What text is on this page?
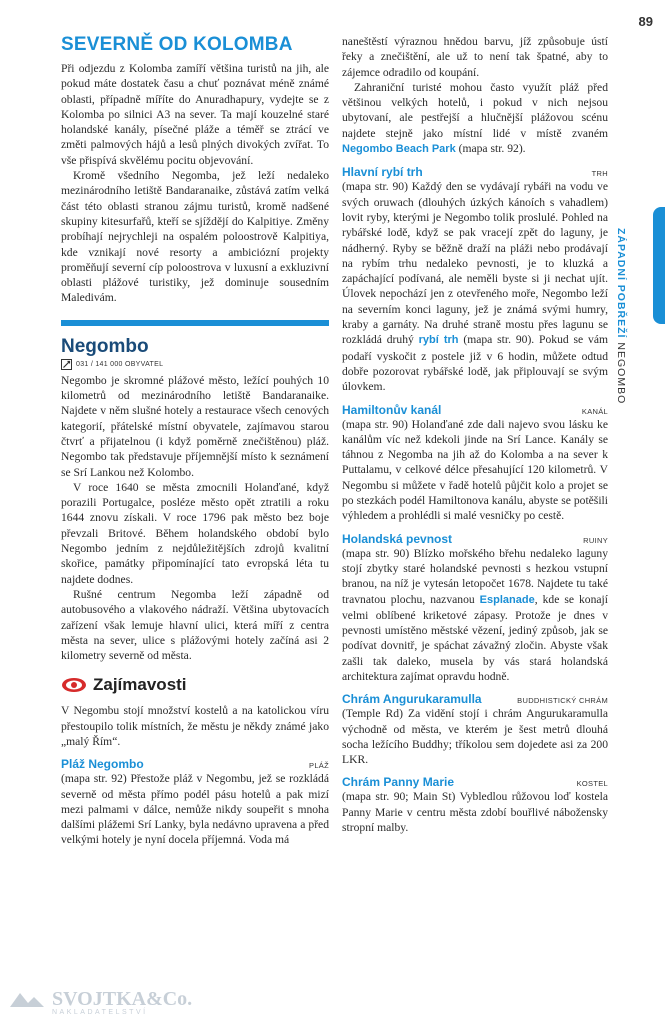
89
ZÁPADNÍ POBŘEŽÍ NEGOMBO
SEVERNĚ OD KOLOMBA

Při odjezdu z Kolomba zamíří většina turistů na jih, ale pokud máte dostatek času a chuť poznávat méně známé oblasti, případně míříte do Anuradhapury, vydejte se z Kolomba po silnici A3 na sever. Ta mají kouzelné staré holandské kanály, písečné pláže a téměř se ztrácí ve změti palmových hájů a lesů plných divokých zvířat. To vše přispívá skvělému pocitu objevování.

Kromě všedního Negomba, jež leží nedaleko mezinárodního letiště Bandaranaike, zůstává zatím velká část této oblasti stranou zájmu turistů, kromě nadšené skupiny kitesurfařů, kteří se sjíždějí do Kalpitiye. Změny probíhají nejrychleji na ospalém poloostrově Kalpitiya, kde vznikají nové resorty a ambiciózní projekty proměňují severní cíp poloostrova v luxusní a exkluzivní oblasti plážové turistiky, jež dominuje sousedním Maledivám.

Negombo
031 / 141 000 OBYVATEL

Negombo je skromné plážové město, ležící pouhých 10 kilometrů od mezinárodního letiště Bandaranaike. Najdete v něm slušné hotely a restaurace všech cenových kategorií, přátelské místní obyvatele, zajímavou starou čtvrť a přijatelnou (i když poměrně znečištěnou) pláž. Negombo tak představuje příjemnější místo k seznámení se Srí Lankou než Kolombo.

V roce 1640 se města zmocnili Holanďané, když porazili Portugalce, posléze město opět ztratili a roku 1644 znovu získali. V roce 1796 pak město bez boje převzali Britové. Během holandského období bylo Negombo jedním z nejdůležitějších zdrojů kvalitní skořice, památky připomínající tato evropská léta tu najdete dodnes.

Rušné centrum Negomba leží západně od autobusového a vlakového nádraží. Většina ubytovacích zařízení však lemuje hlavní ulici, která míří z centra města na sever, ulice s plážovými hotely začíná asi 2 kilometry severně od města.

Zajímavosti

V Negombu stojí množství kostelů a na katolickou víru přestoupilo tolik místních, že městu je někdy známé jako „malý Řím“.

Pláž Negombo	PLÁŽ

(mapa str. 92) Přestože pláž v Negombu, jež se rozkládá severně od města přímo podél pásu hotelů a pak mizí mezi palmami v dálce, nemůže nikdy soupeřit s mnoha dalšími plážemi Srí Lanky, byla nedávno upravena a před velkými hotely je nyní docela příjemná. Voda má

naneštěstí výraznou hnědou barvu, jíž způsobuje ústí řeky a znečištění, ale už to není tak špatné, aby to zájemce odradilo od koupání.

Zahraniční turisté mohou často využít pláž před většinou velkých hotelů, i pokud v nich nejsou ubytovaní, ale pestřejší a hlučnější plážovou scénu najdete stejně jako místní lidé v místě zvaném Negombo Beach Park (mapa str. 92).

Hlavní rybí trh	TRH

(mapa str. 90) Každý den se vydávají rybáři na vodu ve svých oruwach (dlouhých úzkých kánoích s vahadlem) lovit ryby, kterými je Negombo tolik proslulé. Pohled na rybářské lodě, když se pak vracejí zpět do laguny, je nádherný. Ryby se běžně draží na pláži nebo prodávají na rybím trhu nedaleko pevnosti, je to kluzká a zapáchající podívaná, ale neměli byste si ji nechat ujít. Úlovek nepochází jen z otevřeného moře, Negombo leží na severním konci laguny, jež je známá svými humry, kraby a garnáty. Na druhé straně mostu přes lagunu se rozkládá druhý rybí trh (mapa str. 90). Pokud se vám podaří vyskočit z postele již v 6 hodin, můžete odtud dobře pozorovat rybářské lodě, jak připlouvají se svým úlovkem.

Hamiltonův kanál	KANÁL

(mapa str. 90) Holanďané zde dali najevo svou lásku ke kanálům víc než kdekoli jinde na Srí Lance. Kanály se táhnou z Negomba na jih až do Kolomba a na sever k Puttalamu, v celkové délce přesahující 120 kilometrů. V Negombu si můžete v řadě hotelů půjčit kolo a projet se po stezkách podél Hamiltonova kanálu, abyste se potěšili výhledem a prohlédli si malé vesničky po cestě.

Holandská pevnost	RUINY

(mapa str. 90) Blízko mořského břehu nedaleko laguny stojí zbytky staré holandské pevnosti s hezkou vstupní branou, na níž je vytesán letopočet 1678. Najdete tu také travnatou plochu, nazvanou Esplanade, kde se konají velmi oblíbené kriketové zápasy. Protože je dnes v pevnosti umístěno městské vězení, jediný způsob, jak se podívat dovnitř, je spáchat závažný zločin. Abyste však zašli tak daleko, musela by vás stará holandská architektura zajímat opravdu hodně.

Chrám Angurukaramulla	BUDDHISTICKÝ CHRÁM

(Temple Rd) Za vidění stojí i chrám Angurukaramulla východně od města, ve kterém je šest metrů dlouhá socha ležícího Buddhy; tříkolou sem dojedete asi za 200 LKR.

Chrám Panny Marie	KOSTEL

(mapa str. 90; Main St) Vybledlou růžovou loď kostela Panny Marie v centru města zdobí bouřlivé nábožensky stropní malby.

SVOJTKA&Co.
NAKLADATELSTVÍ
